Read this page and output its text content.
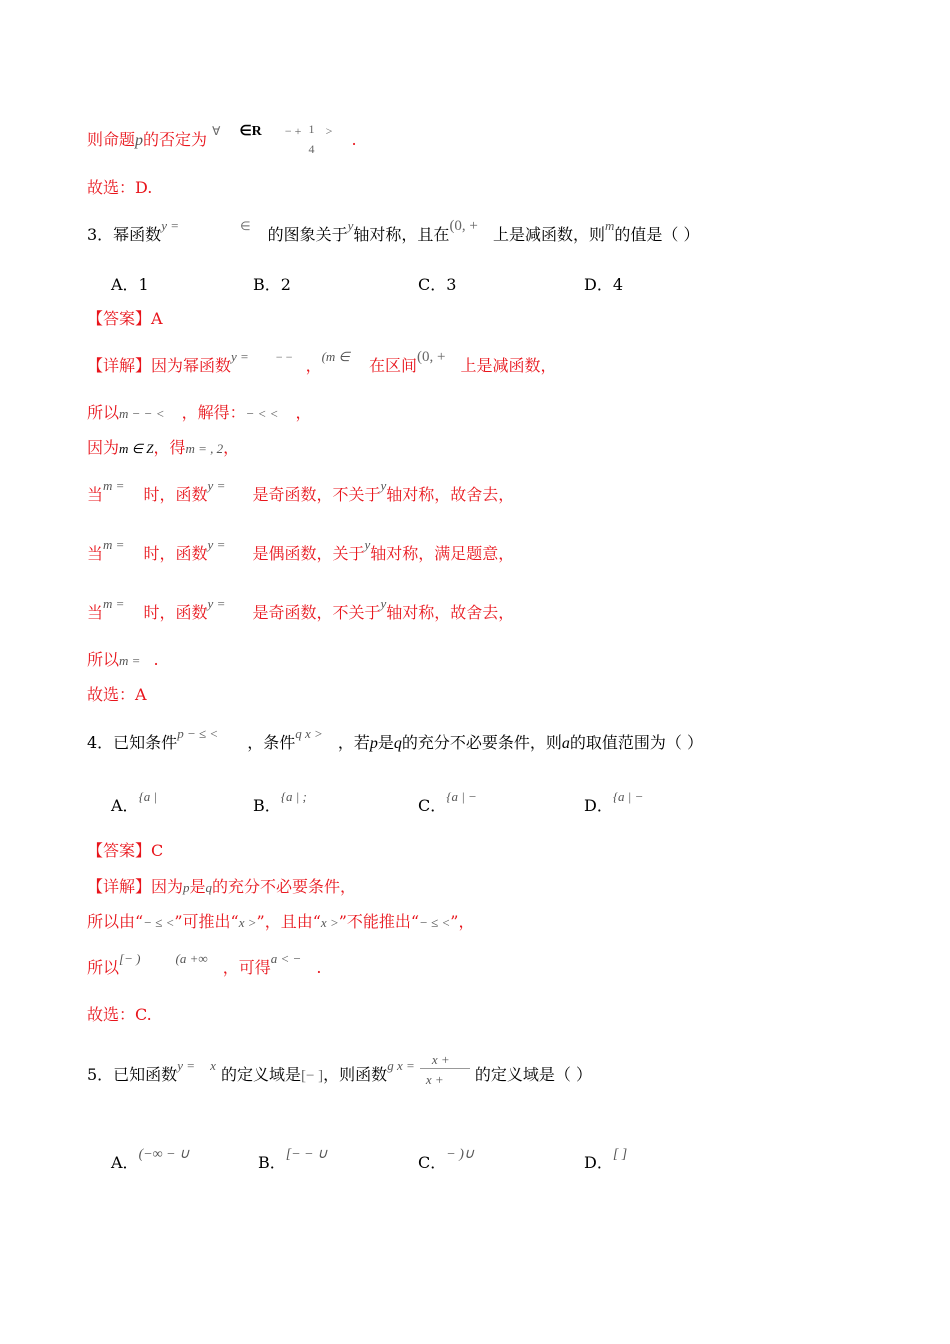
则命题p的否定为 ∀ ∈R − + 1
4
> .
故选：D.
3．幂函数$^{y =}$	∈ 的图象关于$^y$轴对称，且在(0, + 上是减函数，则$^m$的值是（ ）
A．1	B．2	C．3	D．4
【答案】A
【详解】因为幂函数$^{y =}$ − − ，$^{(m \in}$ 在区间(0, + 上是减函数，
所以m − − < ，解得：− < < ，
因为m ∈ Z，得m = , 2，
当$^{m =}$ 时，函数$^{y =}$ 是奇函数，不关于$^y$轴对称，故舍去，
当$^{m =}$ 时，函数$^{y =}$ 是偶函数，关于$^y$轴对称，满足题意，
当$^{m =}$ 时，函数$^{y =}$ 是奇函数，不关于$^y$轴对称，故舍去，
所以m = .
故选：A
4．已知条件$^{p - \le <}$ ，条件$^{q x >}$ ，若p是q的充分不必要条件，则a的取值范围为（ ）
A．$^{\{a |}$	B．$^{\{a | ;}$	C．$^{\{a | -}$	D．$^{\{a | -}$
【答案】C
【详解】因为p是q的充分不必要条件，
所以由“− ≤ <”可推出“x >”，且由“x >”不能推出“− ≤ <”，
所以[− )	$^{(a +\infty}$ ，可得$^{a < -}$ .
故选：C.
5．已知函数$^{y =}$ $^x$ 的定义域是[− ]，则函数$^{g x =} \frac{x +}{x +}$ 的定义域是（ ）
A．(−∞ − ∪	B．[− − ∪	C．− )∪	D．[ ]
